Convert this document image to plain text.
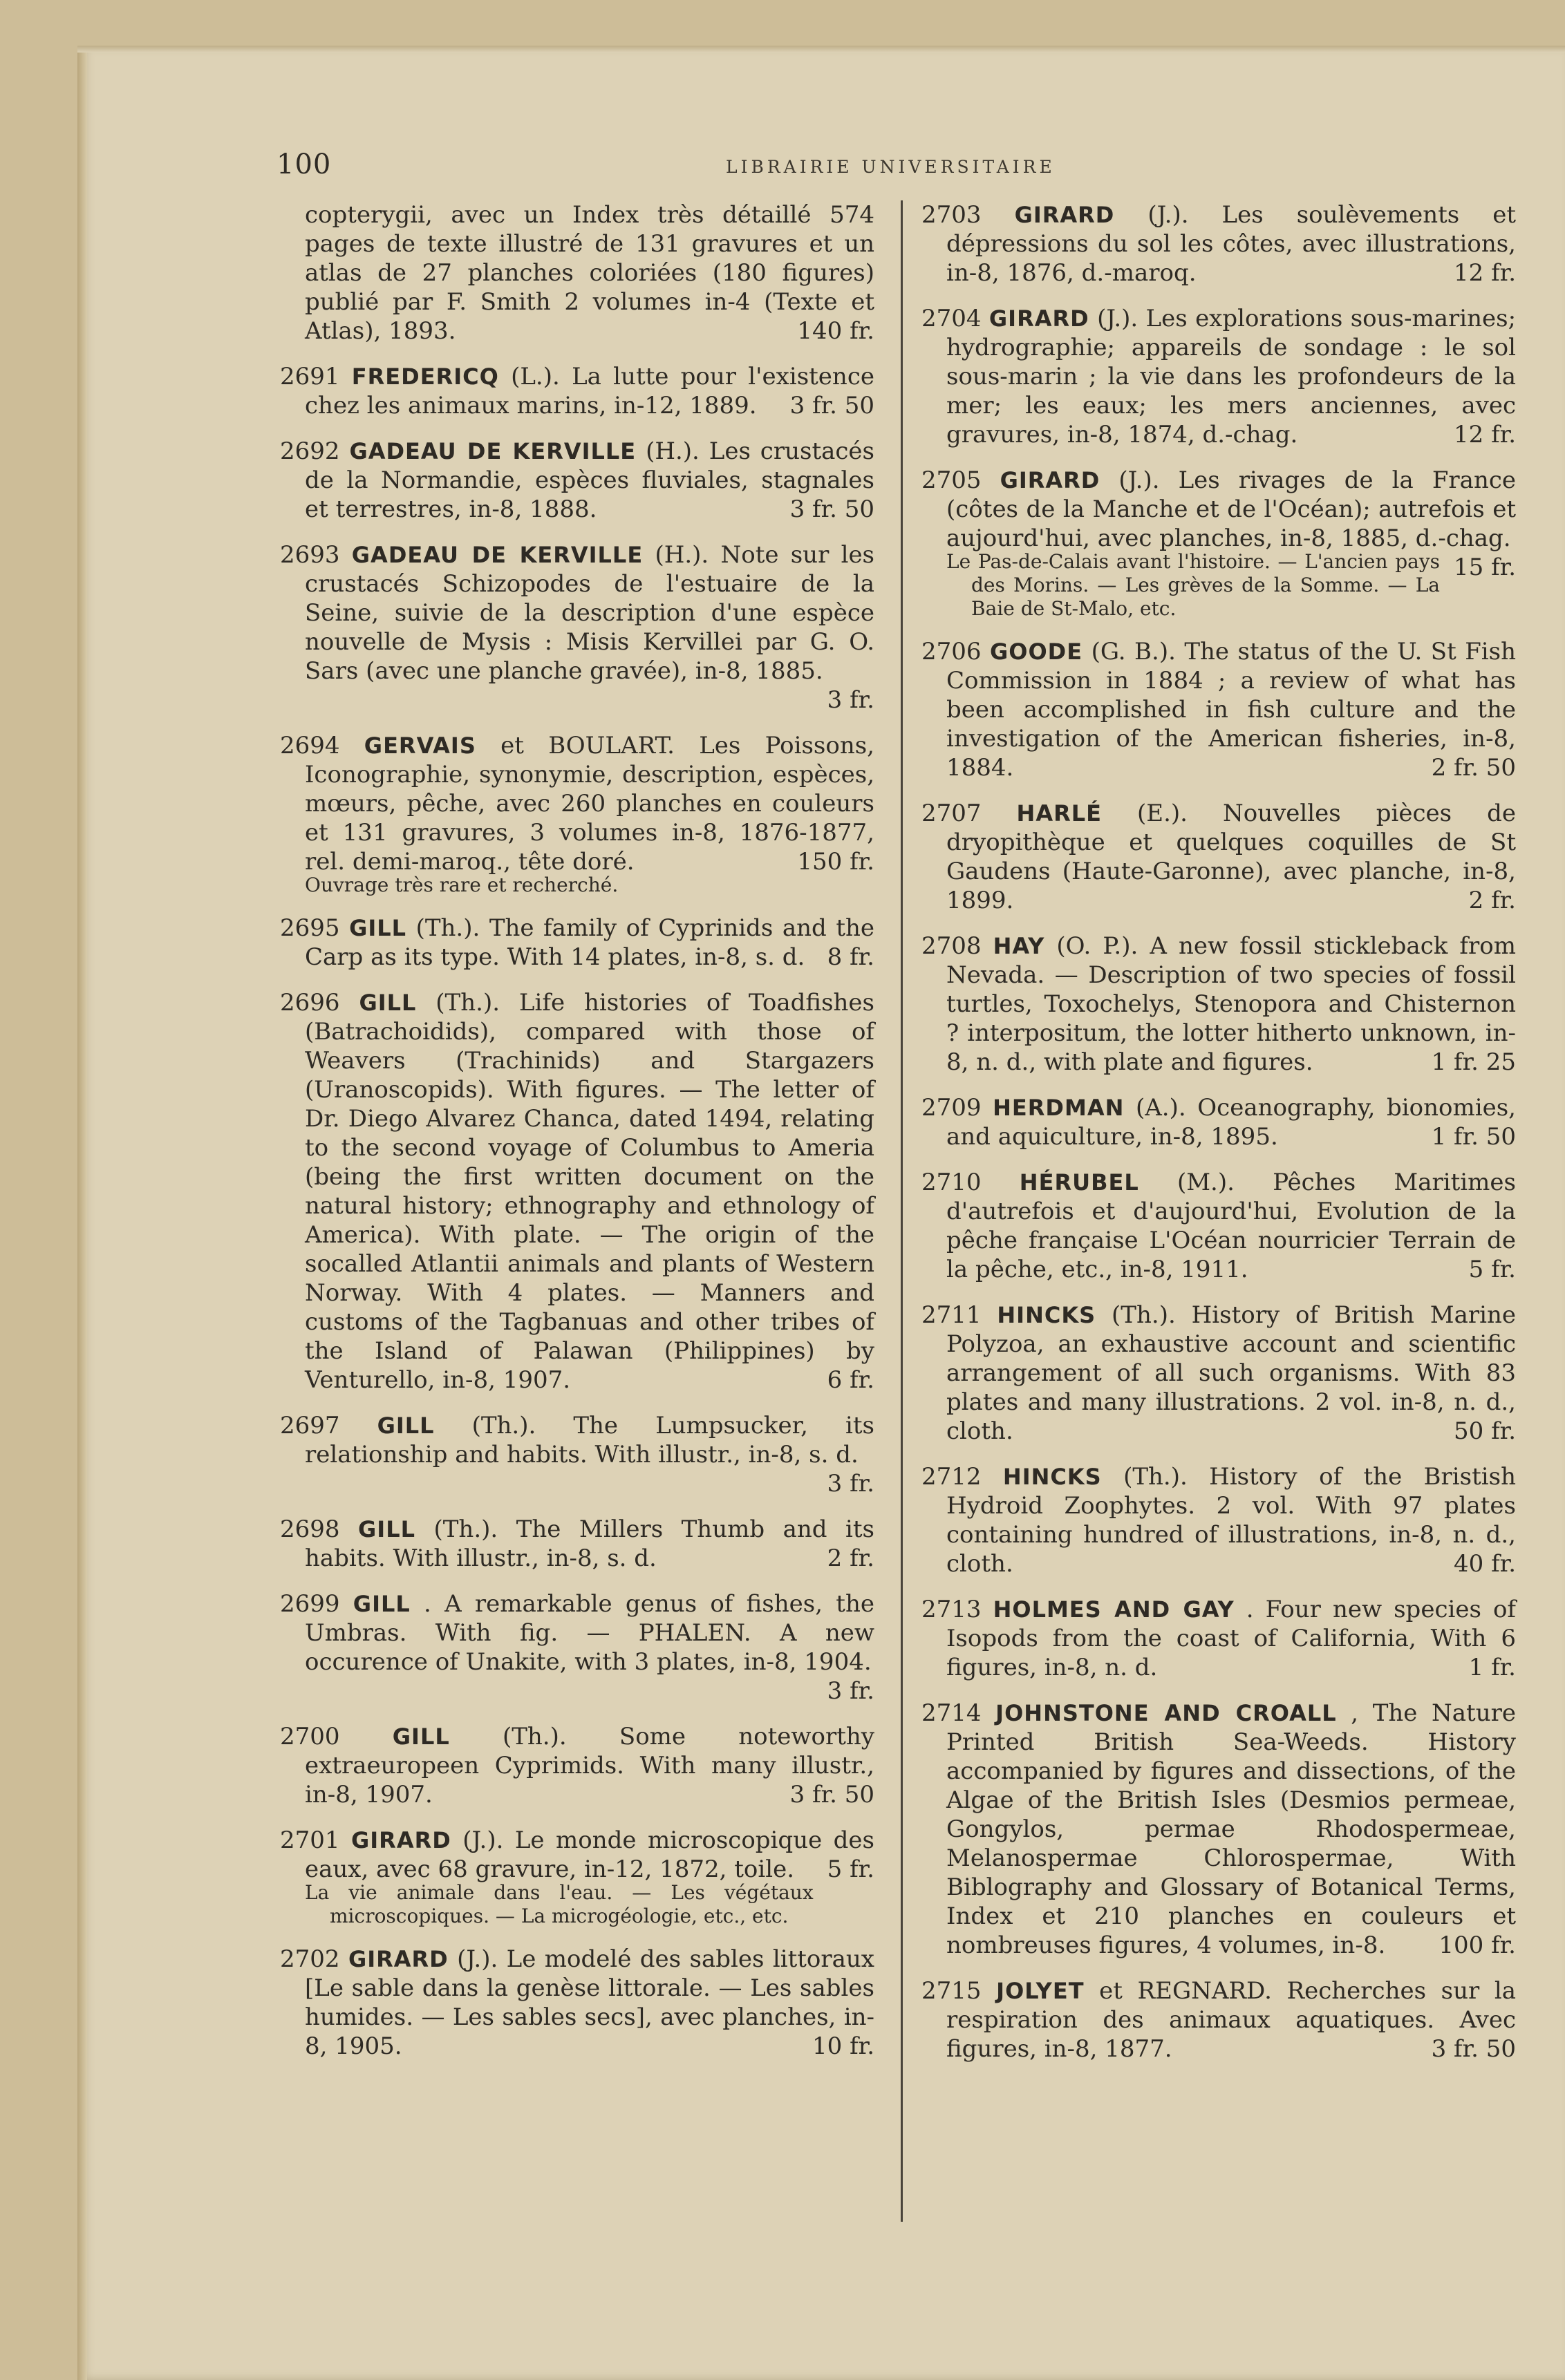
100	LIBRAIRIE UNIVERSITAIRE
copterygii, avec un Index très détaillé 574 pages de texte illustré de 131 gravures et un atlas de 27 planches coloriées (180 figures) publié par F. Smith 2 volumes in-4 (Texte et Atlas), 1893.	140 fr.
2691 FREDERICQ (L.). La lutte pour l'existence chez les animaux marins, in-12, 1889.	3 fr. 50
2692 GADEAU DE KERVILLE (H.). Les crustacés de la Normandie, espèces fluviales, stagnales et terrestres, in-8, 1888.	3 fr. 50
2693 GADEAU DE KERVILLE (H.). Note sur les crustacés Schizopodes de l'estuaire de la Seine, suivie de la description d'une espèce nouvelle de Mysis : Misis Kervillei par G. O. Sars (avec une planche gravée), in-8, 1885.
3 fr.
2694 GERVAIS et BOULART. Les Poissons, Iconographie, synonymie, description, espèces, mœurs, pêche, avec 260 planches en couleurs et 131 gravures, 3 volumes in-8, 1876-1877, rel. demi-maroq., tête doré.	150 fr.
Ouvrage très rare et recherché.
2695 GILL (Th.). The family of Cyprinids and the Carp as its type. With 14 plates, in-8, s. d. 8 fr.
2696 GILL (Th.). Life histories of Toadfishes (Batrachoidids), compared with those of Weavers (Trachinids) and Stargazers (Uranoscopids). With figures. — The letter of Dr. Diego Alvarez Chanca, dated 1494, relating to the second voyage of Columbus to Ameria (being the first written document on the natural history; ethnography and ethnology of America). With plate. — The origin of the socalled Atlantii animals and plants of Western Norway. With 4 plates. — Manners and customs of the Tagbanuas and other tribes of the Island of Palawan (Philippines) by Venturello, in-8, 1907.	6 fr.
2697 GILL (Th.). The Lumpsucker, its relationship and habits. With illustr., in-8, s. d.
3 fr.
2698 GILL (Th.). The Millers Thumb and its habits. With illustr., in-8, s. d.	2 fr.
2699 GILL . A remarkable genus of fishes, the Umbras. With fig. — PHALEN. A new occurence of Unakite, with 3 plates, in-8, 1904.
3 fr.
2700 GILL (Th.). Some noteworthy extraeuropeen Cyprimids. With many illustr., in-8, 1907.	3 fr. 50
2701 GIRARD (J.). Le monde microscopique des eaux, avec 68 gravure, in-12, 1872, toile.	5 fr.
La vie animale dans l'eau. — Les végétaux microscopiques. — La microgéologie, etc., etc.
2702 GIRARD (J.). Le modelé des sables littoraux [Le sable dans la genèse littorale. — Les sables humides. — Les sables secs], avec planches, in-8, 1905.	10 fr.
2703 GIRARD (J.). Les soulèvements et dépressions du sol les côtes, avec illustrations, in-8, 1876, d.-maroq.	12 fr.
2704 GIRARD (J.). Les explorations sous-marines; hydrographie; appareils de sondage : le sol sous-marin ; la vie dans les profondeurs de la mer; les eaux; les mers anciennes, avec gravures, in-8, 1874, d.-chag.	12 fr.
2705 GIRARD (J.). Les rivages de la France (côtes de la Manche et de l'Océan); autrefois et aujourd'hui, avec planches, in-8, 1885, d.-chag.
15 fr.
Le Pas-de-Calais avant l'histoire. — L'ancien pays des Morins. — Les grèves de la Somme. — La Baie de St-Malo, etc.
2706 GOODE (G. B.). The status of the U. St Fish Commission in 1884 ; a review of what has been accomplished in fish culture and the investigation of the American fisheries, in-8, 1884.	2 fr. 50
2707 HARLÉ (E.). Nouvelles pièces de dryopithèque et quelques coquilles de St Gaudens (Haute-Garonne), avec planche, in-8, 1899.	2 fr.
2708 HAY (O. P.). A new fossil stickleback from Nevada. — Description of two species of fossil turtles, Toxochelys, Stenopora and Chisternon ? interpositum, the lotter hitherto unknown, in-8, n. d., with plate and figures.	1 fr. 25
2709 HERDMAN (A.). Oceanography, bionomies, and aquiculture, in-8, 1895.	1 fr. 50
2710 HÉRUBEL (M.). Pêches Maritimes d'autrefois et d'aujourd'hui, Evolution de la pêche française L'Océan nourricier Terrain de la pêche, etc., in-8, 1911.	5 fr.
2711 HINCKS (Th.). History of British Marine Polyzoa, an exhaustive account and scientific arrangement of all such organisms. With 83 plates and many illustrations. 2 vol. in-8, n. d., cloth.	50 fr.
2712 HINCKS (Th.). History of the Bristish Hydroid Zoophytes. 2 vol. With 97 plates containing hundred of illustrations, in-8, n. d., cloth.	40 fr.
2713 HOLMES AND GAY . Four new species of Isopods from the coast of California, With 6 figures, in-8, n. d.	1 fr.
2714 JOHNSTONE AND CROALL , The Nature Printed British Sea-Weeds. History accompanied by figures and dissections, of the Algae of the British Isles (Desmios permeae, Gongylos, permae Rhodospermeae, Melanospermae Chlorospermae, With Biblography and Glossary of Botanical Terms, Index et 210 planches en couleurs et nombreuses figures, 4 volumes, in-8.	100 fr.
2715 JOLYET et REGNARD. Recherches sur la respiration des animaux aquatiques. Avec figures, in-8, 1877.	3 fr. 50
